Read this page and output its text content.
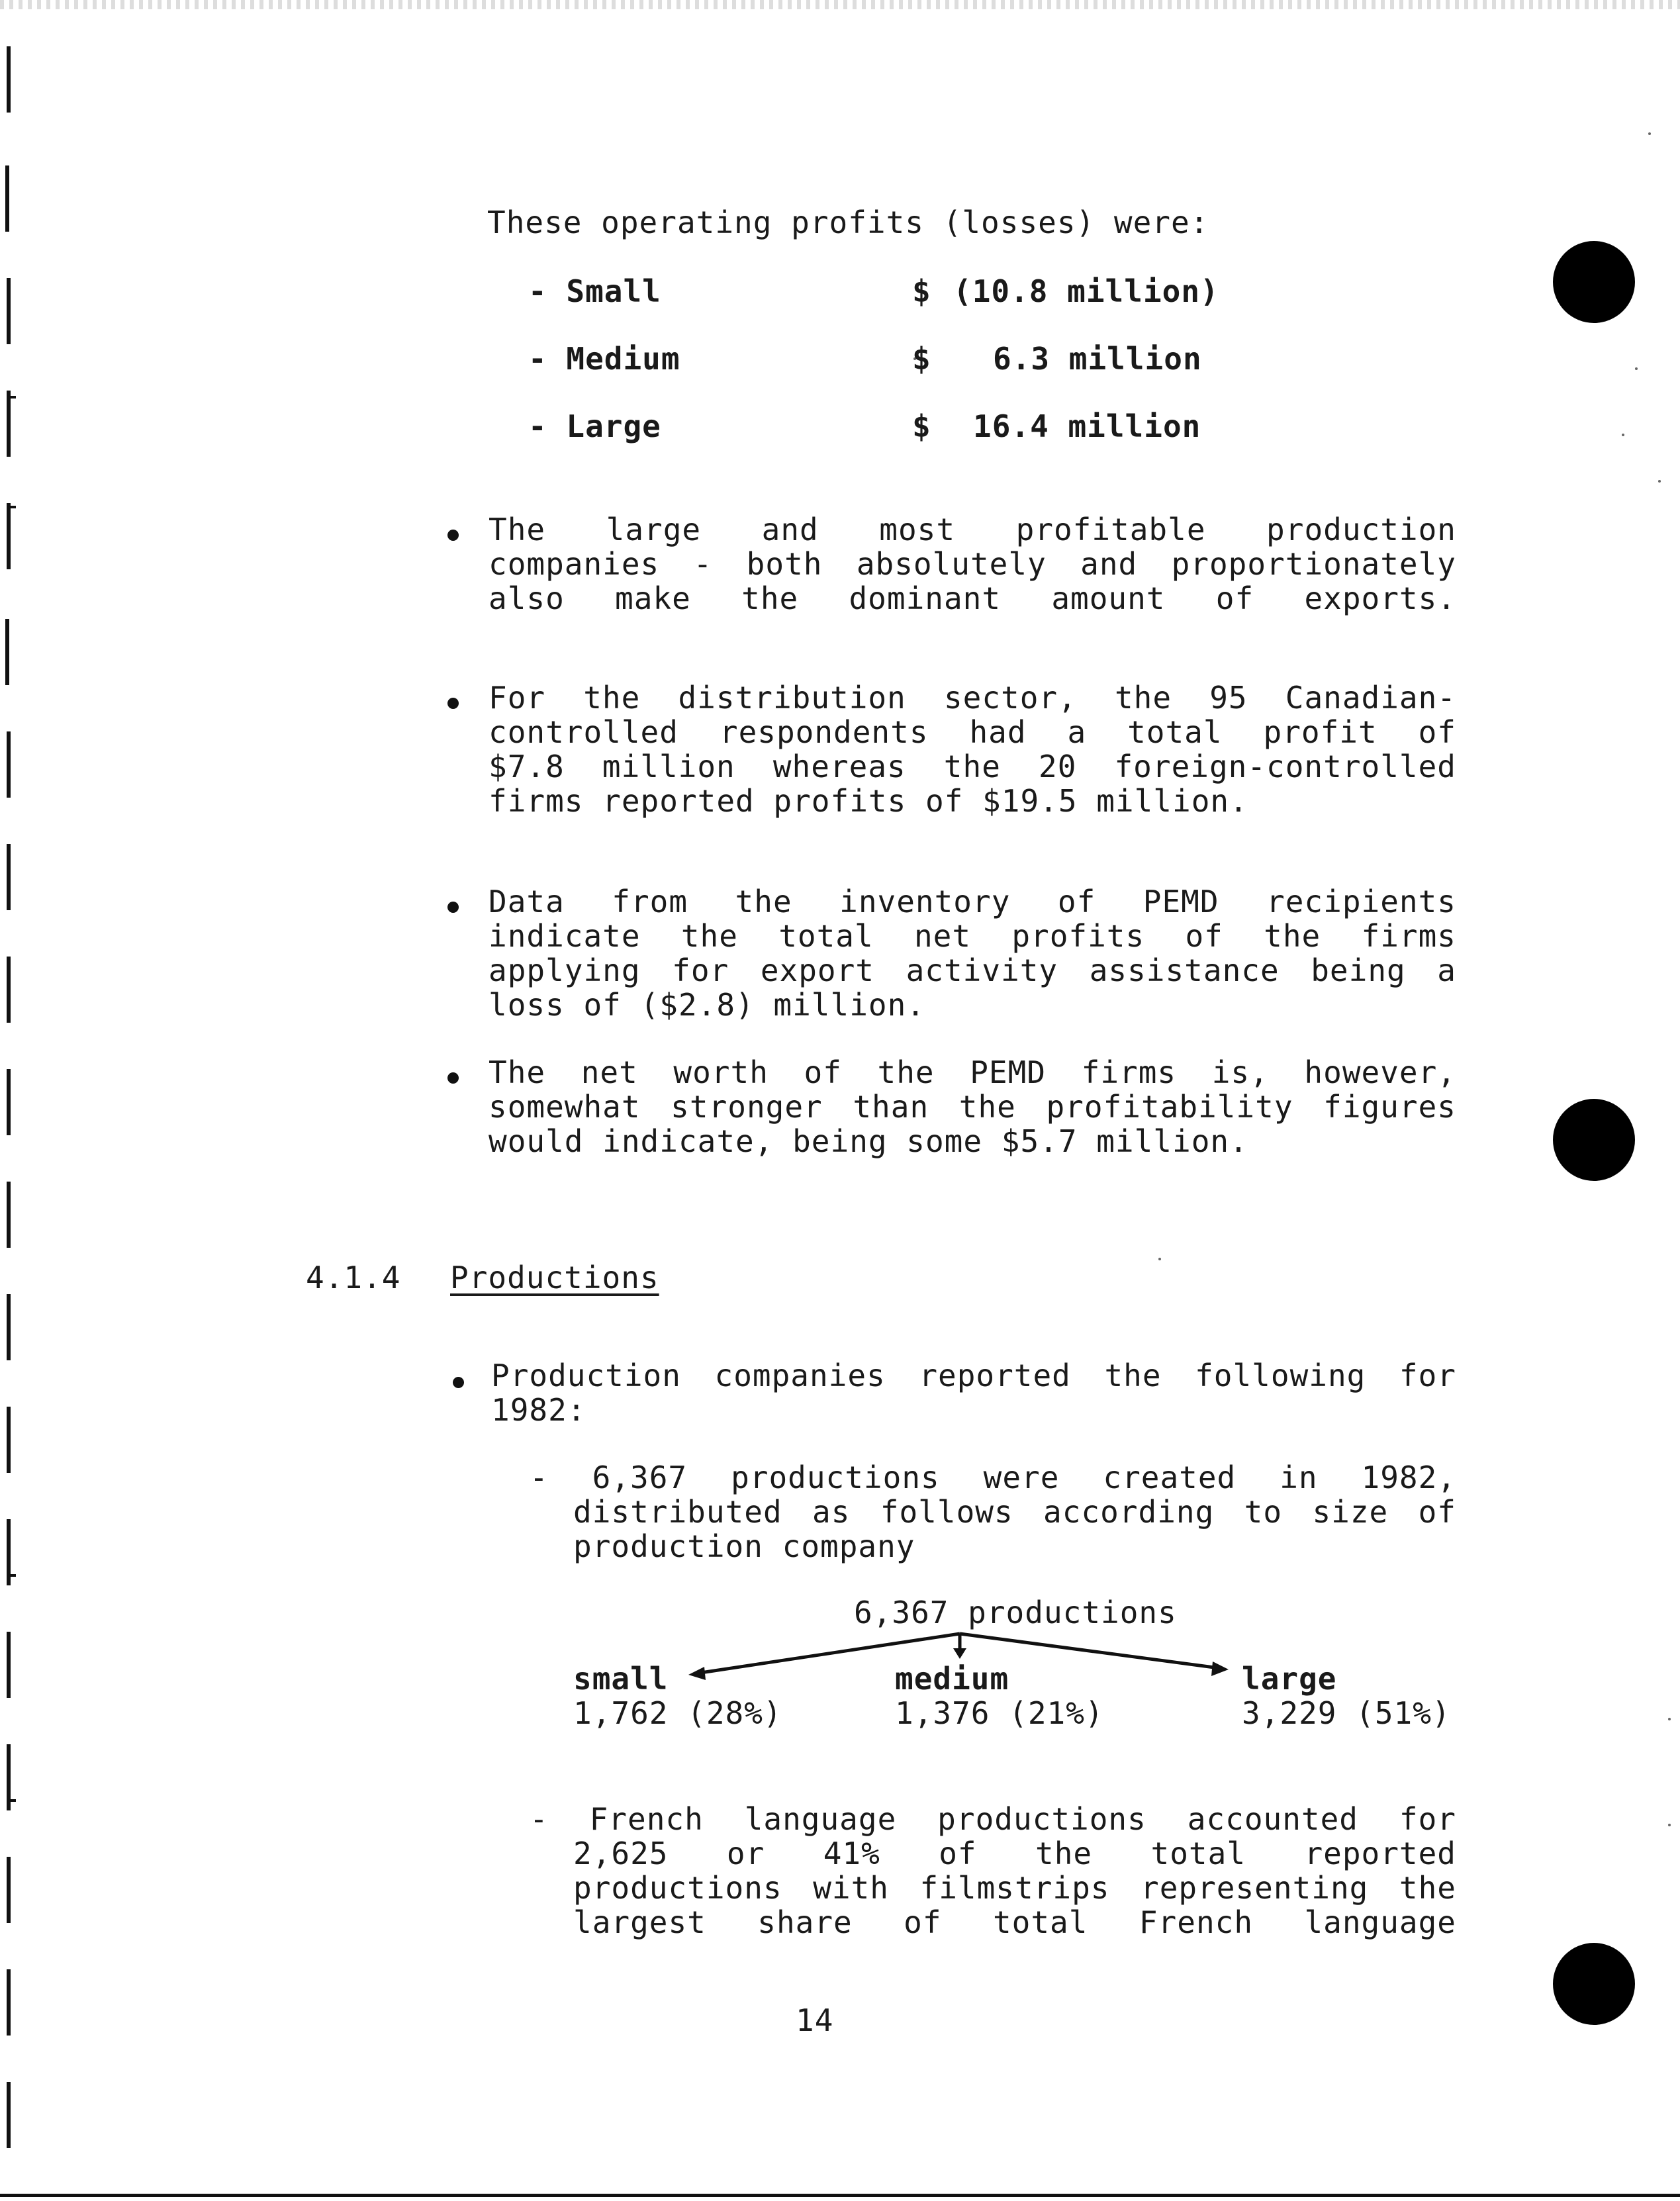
These operating profits (losses) were:
- Small	$ (10.8 million)
- Medium	$ 6.3 million
- Large	$ 16.4 million
The large and most profitable production
companies - both absolutely and proportionately
also make the dominant amount of exports.
For the distribution sector, the 95 Canadian-
controlled respondents had a total profit of
$7.8 million whereas the 20 foreign-controlled
firms reported profits of $19.5 million.
Data from the inventory of PEMD recipients
indicate the total net profits of the firms
applying for export activity assistance being a
loss of ($2.8) million.
The net worth of the PEMD firms is, however,
somewhat stronger than the profitability figures
would indicate, being some $5.7 million.
4.1.4 Productions
Production companies reported the following for
1982:
- 6,367 productions were created in 1982,
distributed as follows according to size of
production company
6,367 productions
small
1,762 (28%)
medium
1,376 (21%)
large
3,229 (51%)
- French language productions accounted for
2,625 or 41% of the total reported
productions with filmstrips representing the
largest share of total French language
14
